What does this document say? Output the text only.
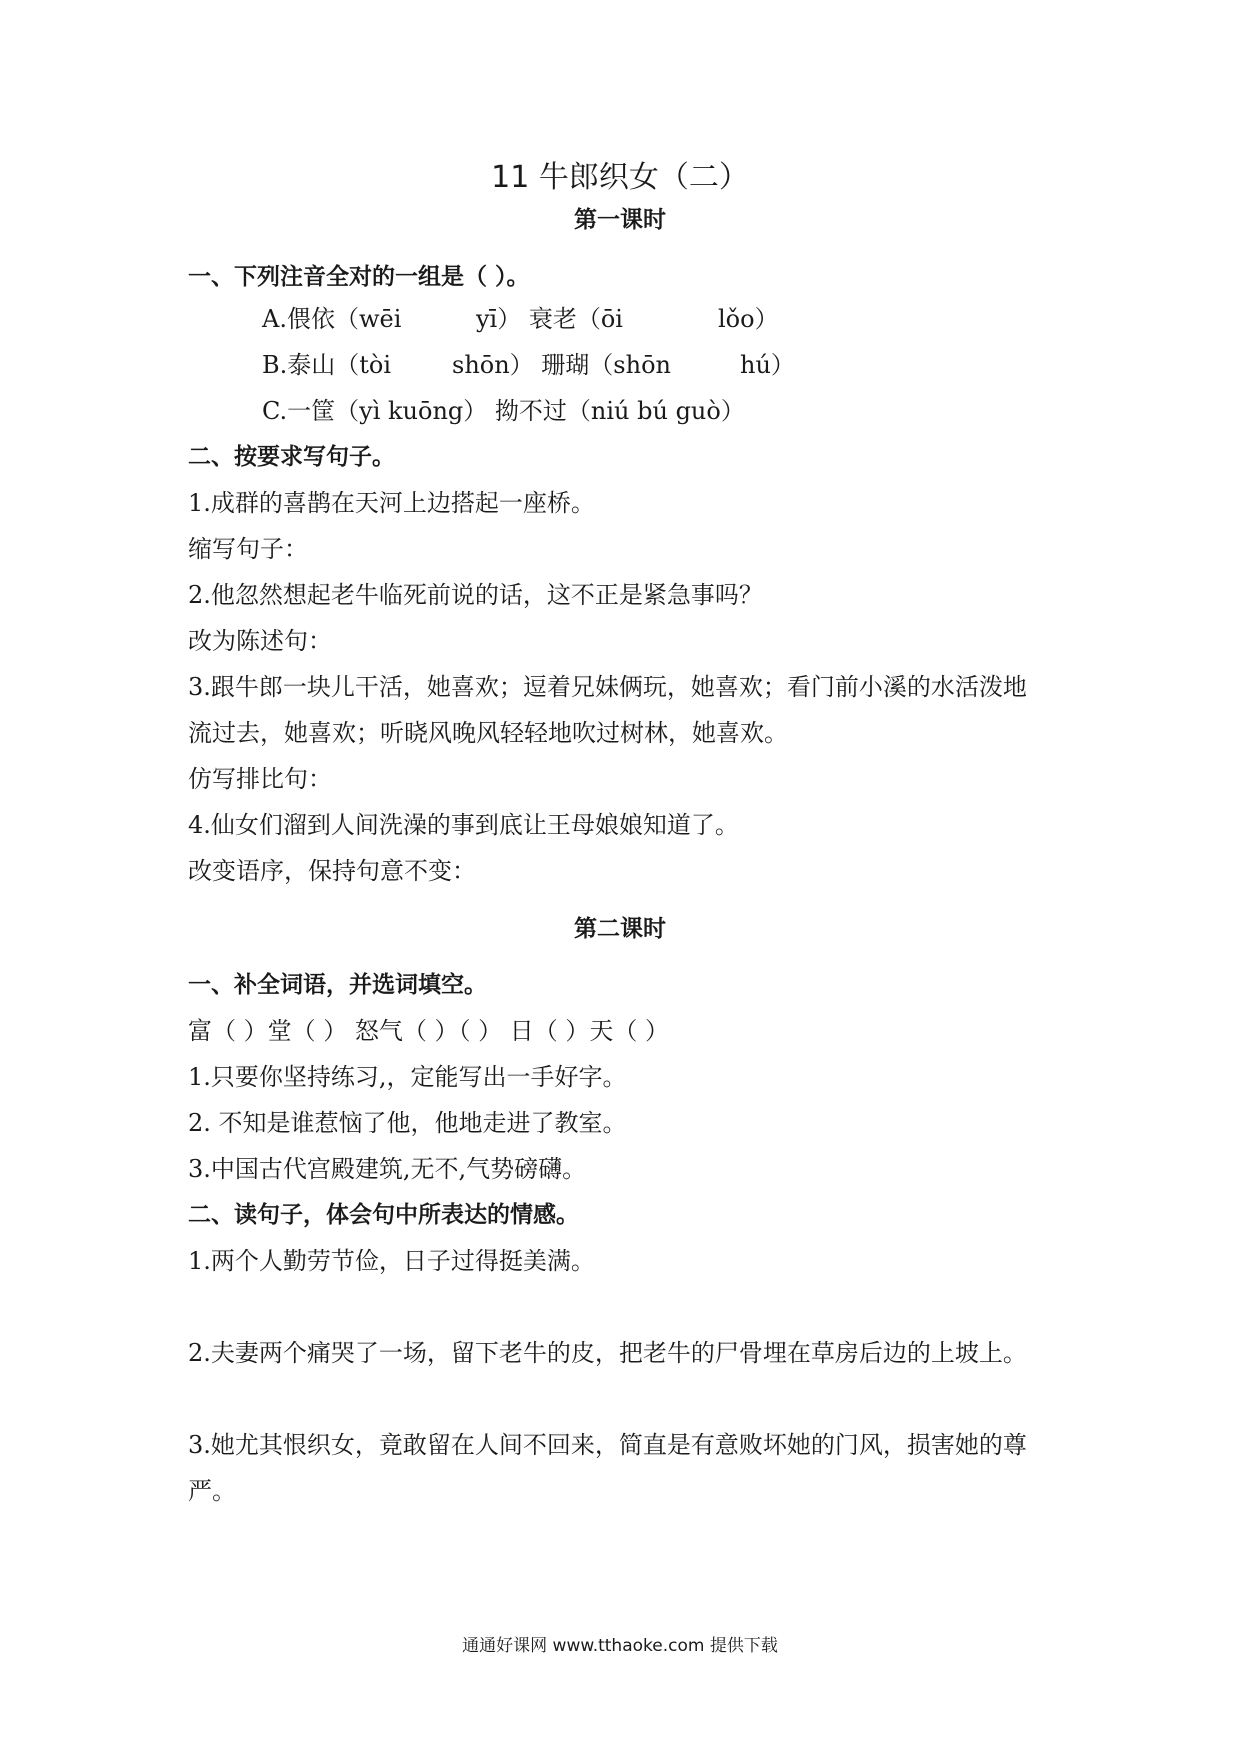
11 牛郎织女（二）
第一课时
一、下列注音全对的一组是（ ）。
A.偎依（wēi	yī） 衰老（ōi	lǒo）
B.泰山（tòi	shōn） 珊瑚（shōn	hú）
C.一筐（yì kuōng） 拗不过（niú bú guò）
二、按要求写句子。
1.成群的喜鹊在天河上边搭起一座桥。
缩写句子：
2.他忽然想起老牛临死前说的话，这不正是紧急事吗？
改为陈述句：
3.跟牛郎一块儿干活，她喜欢；逗着兄妹俩玩，她喜欢；看门前小溪的水活泼地
流过去，她喜欢；听晓风晚风轻轻地吹过树林，她喜欢。
仿写排比句：
4.仙女们溜到人间洗澡的事到底让王母娘娘知道了。
改变语序，保持句意不变：
第二课时
一、补全词语，并选词填空。
富（ ）堂（ ） 怒气（ ）（ ） 日（ ）天（ ）
1.只要你坚持练习,，定能写出一手好字。
2. 不知是谁惹恼了他，他地走进了教室。
3.中国古代宫殿建筑,无不,气势磅礴。
二、读句子，体会句中所表达的情感。
1.两个人勤劳节俭，日子过得挺美满。
2.夫妻两个痛哭了一场，留下老牛的皮，把老牛的尸骨埋在草房后边的上坡上。
3.她尤其恨织女，竟敢留在人间不回来，简直是有意败坏她的门风，损害她的尊
严。
通通好课网 www.tthaoke.com 提供下载
